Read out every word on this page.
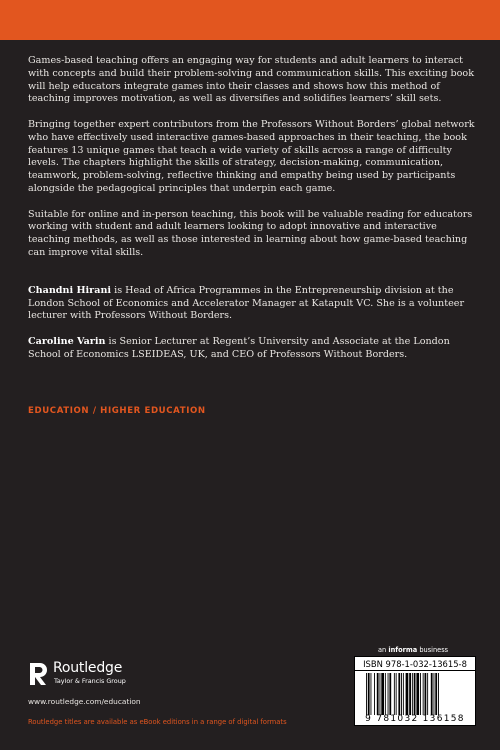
Games-based teaching offers an engaging way for students and adult learners to interact with concepts and build their problem-solving and communication skills. This exciting book will help educators integrate games into their classes and shows how this method of teaching improves motivation, as well as diversifies and solidifies learners’ skill sets.

Bringing together expert contributors from the Professors Without Borders’ global network who have effectively used interactive games-based approaches in their teaching, the book features 13 unique games that teach a wide variety of skills across a range of difficulty levels. The chapters highlight the skills of strategy, decision-making, communication, teamwork, problem-solving, reflective thinking and empathy being used by participants alongside the pedagogical principles that underpin each game.

Suitable for online and in-person teaching, this book will be valuable reading for educators working with student and adult learners looking to adopt innovative and interactive teaching methods, as well as those interested in learning about how game-based teaching can improve vital skills.

Chandni Hirani is Head of Africa Programmes in the Entrepreneurship division at the London School of Economics and Accelerator Manager at Katapult VC. She is a volunteer lecturer with Professors Without Borders.

Caroline Varin is Senior Lecturer at Regent’s University and Associate at the London School of Economics LSEIDEAS, UK, and CEO of Professors Without Borders.

EDUCATION / HIGHER EDUCATION
Routledge
Taylor & Francis Group
www.routledge.com/education
Routledge titles are available as eBook editions in a range of digital formats
an informa business
ISBN 978-1-032-13615-8
9 781032 136158
